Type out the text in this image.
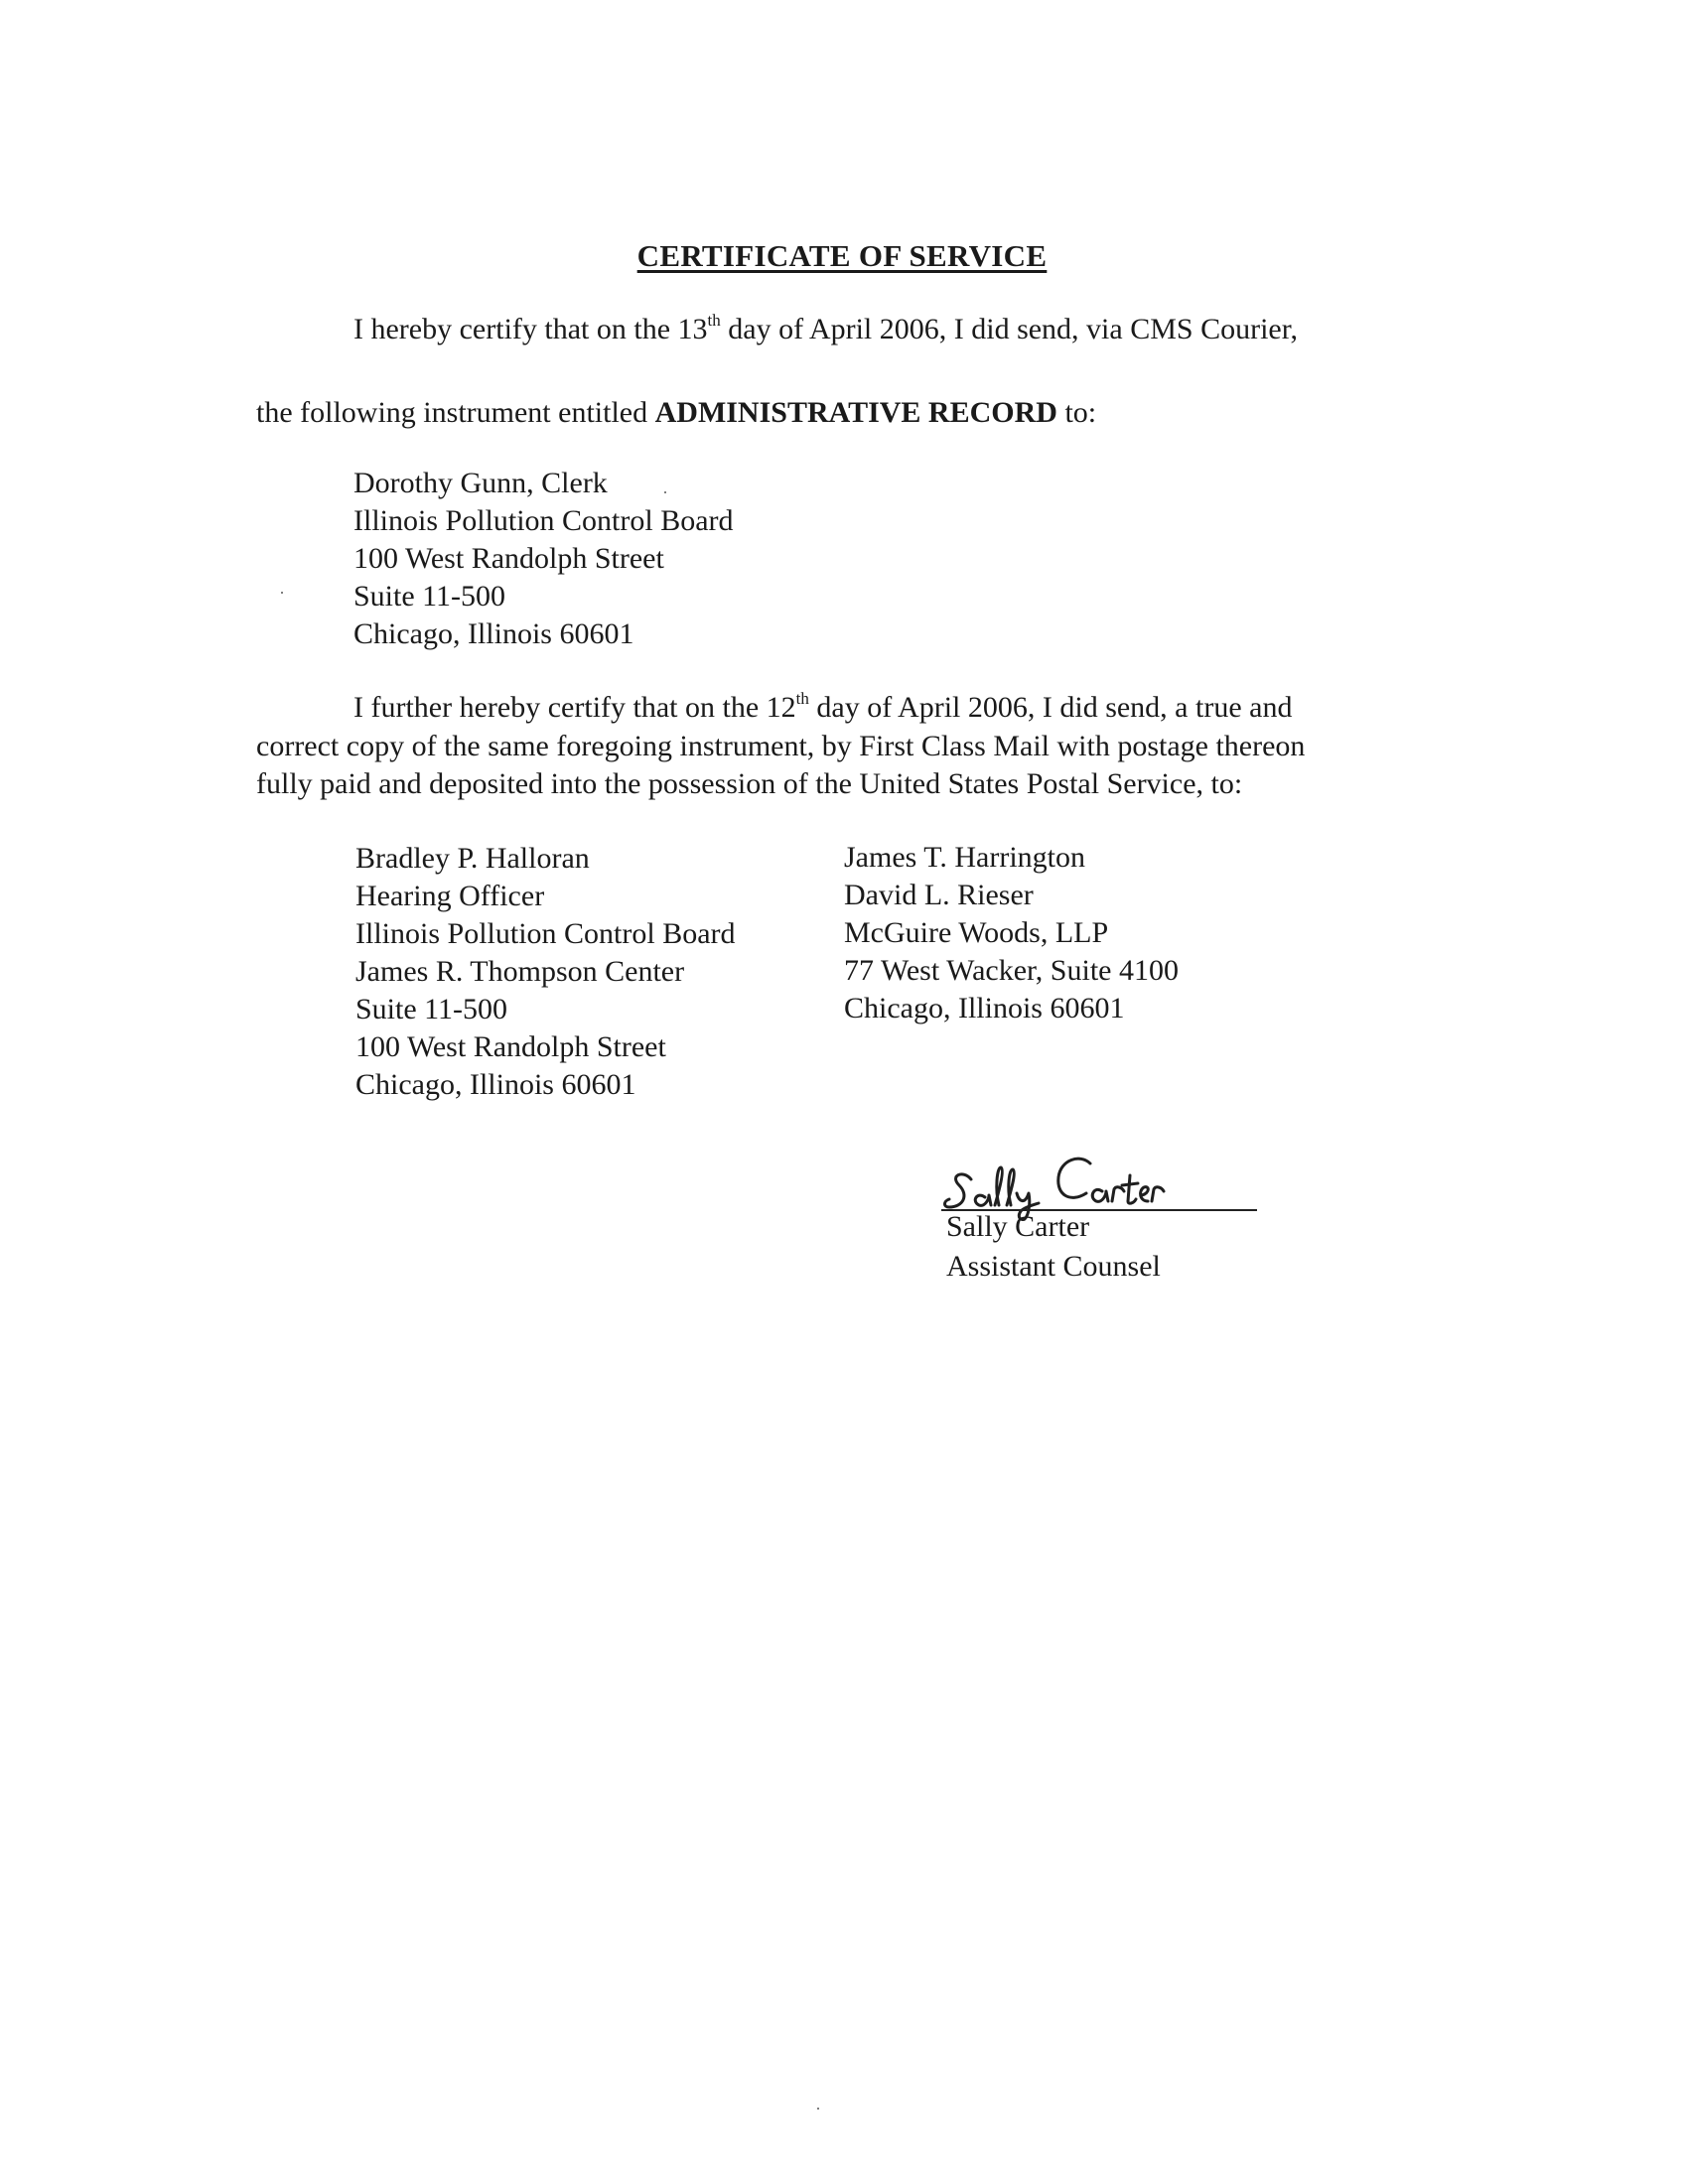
CERTIFICATE OF SERVICE
I hereby certify that on the 13th day of April 2006, I did send, via CMS Courier,
the following instrument entitled ADMINISTRATIVE RECORD to:
Dorothy Gunn, Clerk
Illinois Pollution Control Board
100 West Randolph Street
Suite 11-500
Chicago, Illinois 60601
I further hereby certify that on the 12th day of April 2006, I did send, a true and
correct copy of the same foregoing instrument, by First Class Mail with postage thereon
fully paid and deposited into the possession of the United States Postal Service, to:
Bradley P. Halloran
Hearing Officer
Illinois Pollution Control Board
James R. Thompson Center
Suite 11-500
100 West Randolph Street
Chicago, Illinois 60601
James T. Harrington
David L. Rieser
McGuire Woods, LLP
77 West Wacker, Suite 4100
Chicago, Illinois 60601
Sally Carter
Assistant Counsel
